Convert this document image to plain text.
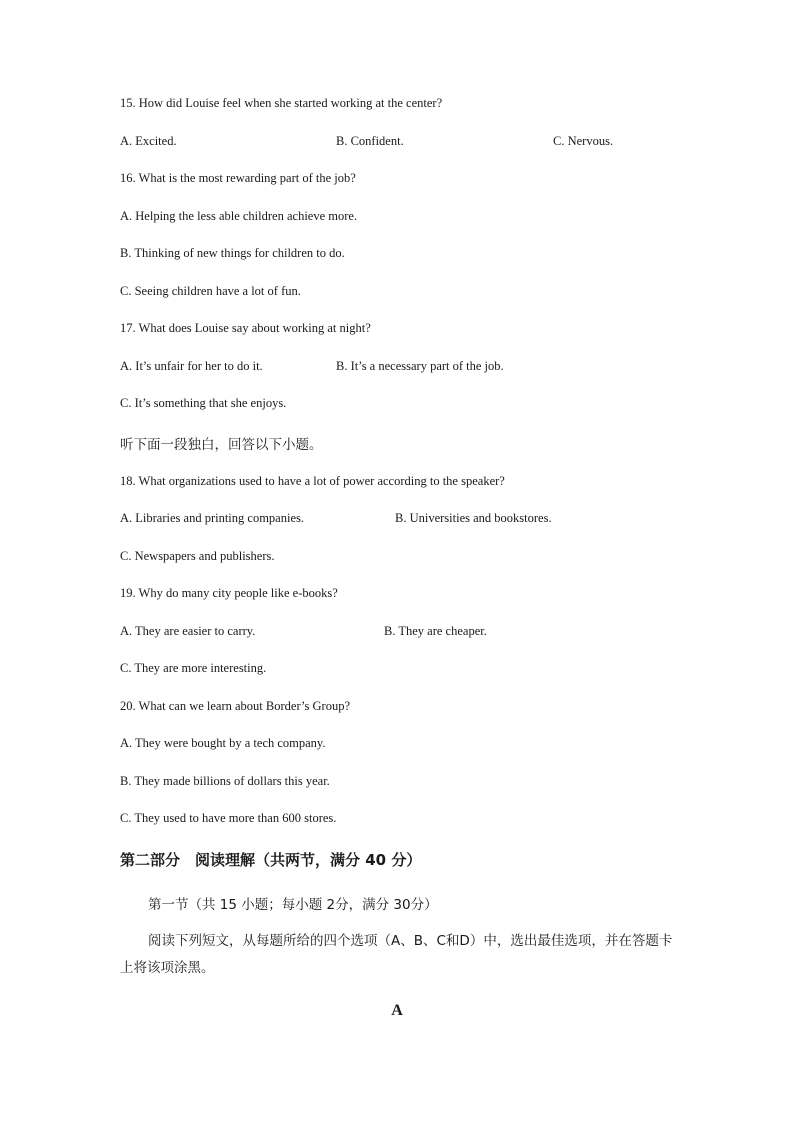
15. How did Louise feel when she started working at the center?
A. Excited.	B. Confident.	C. Nervous.
16. What is the most rewarding part of the job?
A. Helping the less able children achieve more.
B. Thinking of new things for children to do.
C. Seeing children have a lot of fun.
17. What does Louise say about working at night?
A. It’s unfair for her to do it.	B. It’s a necessary part of the job.
C. It’s something that she enjoys.
听下面一段独白，回答以下小题。
18. What organizations used to have a lot of power according to the speaker?
A. Libraries and printing companies.	B. Universities and bookstores.
C. Newspapers and publishers.
19. Why do many city people like e-books?
A. They are easier to carry.	B. They are cheaper.
C. They are more interesting.
20. What can we learn about Border’s Group?
A. They were bought by a tech company.
B. They made billions of dollars this year.
C. They used to have more than 600 stores.
第二部分　阅读理解（共两节，满分 40 分）
第一节（共 15 小题；每小题 2分，满分 30分）
阅读下列短文，从每题所给的四个选项（A、B、C和D）中，选出最佳选项，并在答题卡上将该项涂黑。
A
